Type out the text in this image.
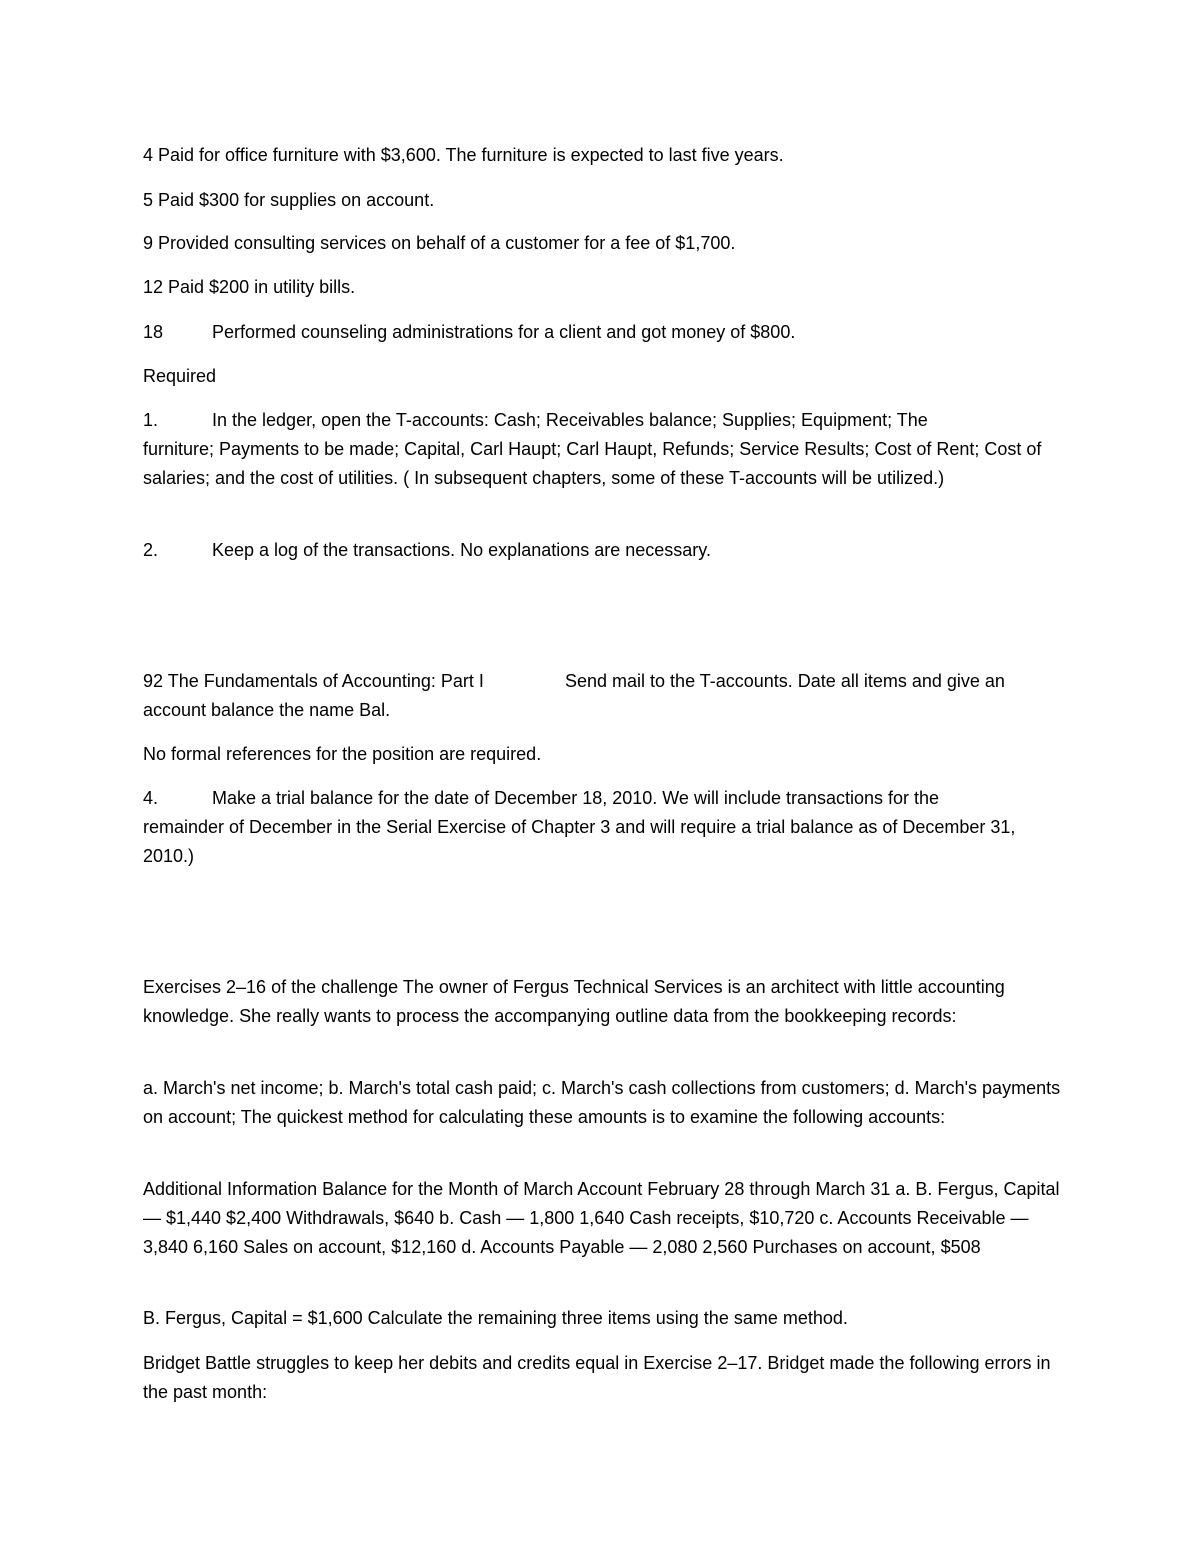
4 Paid for office furniture with $3,600. The furniture is expected to last five years.

5 Paid $300 for supplies on account.

9 Provided consulting services on behalf of a customer for a fee of $1,700.

12 Paid $200 in utility bills.

18	Performed counseling administrations for a client and got money of $800.

Required

1.	In the ledger, open the T-accounts: Cash; Receivables balance; Supplies; Equipment; The
furniture; Payments to be made; Capital, Carl Haupt; Carl Haupt, Refunds; Service Results; Cost of Rent; Cost of salaries; and the cost of utilities. ( In subsequent chapters, some of these T-accounts will be utilized.)

2.	Keep a log of the transactions. No explanations are necessary.

92 The Fundamentals of Accounting: Part I	Send mail to the T-accounts. Date all items and give an
account balance the name Bal.

No formal references for the position are required.

4.	Make a trial balance for the date of December 18, 2010. We will include transactions for the
remainder of December in the Serial Exercise of Chapter 3 and will require a trial balance as of December 31, 2010.)

Exercises 2–16 of the challenge The owner of Fergus Technical Services is an architect with little accounting knowledge. She really wants to process the accompanying outline data from the bookkeeping records:

a. March's net income; b. March's total cash paid; c. March's cash collections from customers; d. March's payments on account; The quickest method for calculating these amounts is to examine the following accounts:

Additional Information Balance for the Month of March Account February 28 through March 31 a. B. Fergus, Capital — $1,440 $2,400 Withdrawals, $640 b. Cash — 1,800 1,640 Cash receipts, $10,720 c. Accounts Receivable — 3,840 6,160 Sales on account, $12,160 d. Accounts Payable — 2,080 2,560 Purchases on account, $508

B. Fergus, Capital = $1,600 Calculate the remaining three items using the same method.

Bridget Battle struggles to keep her debits and credits equal in Exercise 2–17. Bridget made the following errors in the past month:
